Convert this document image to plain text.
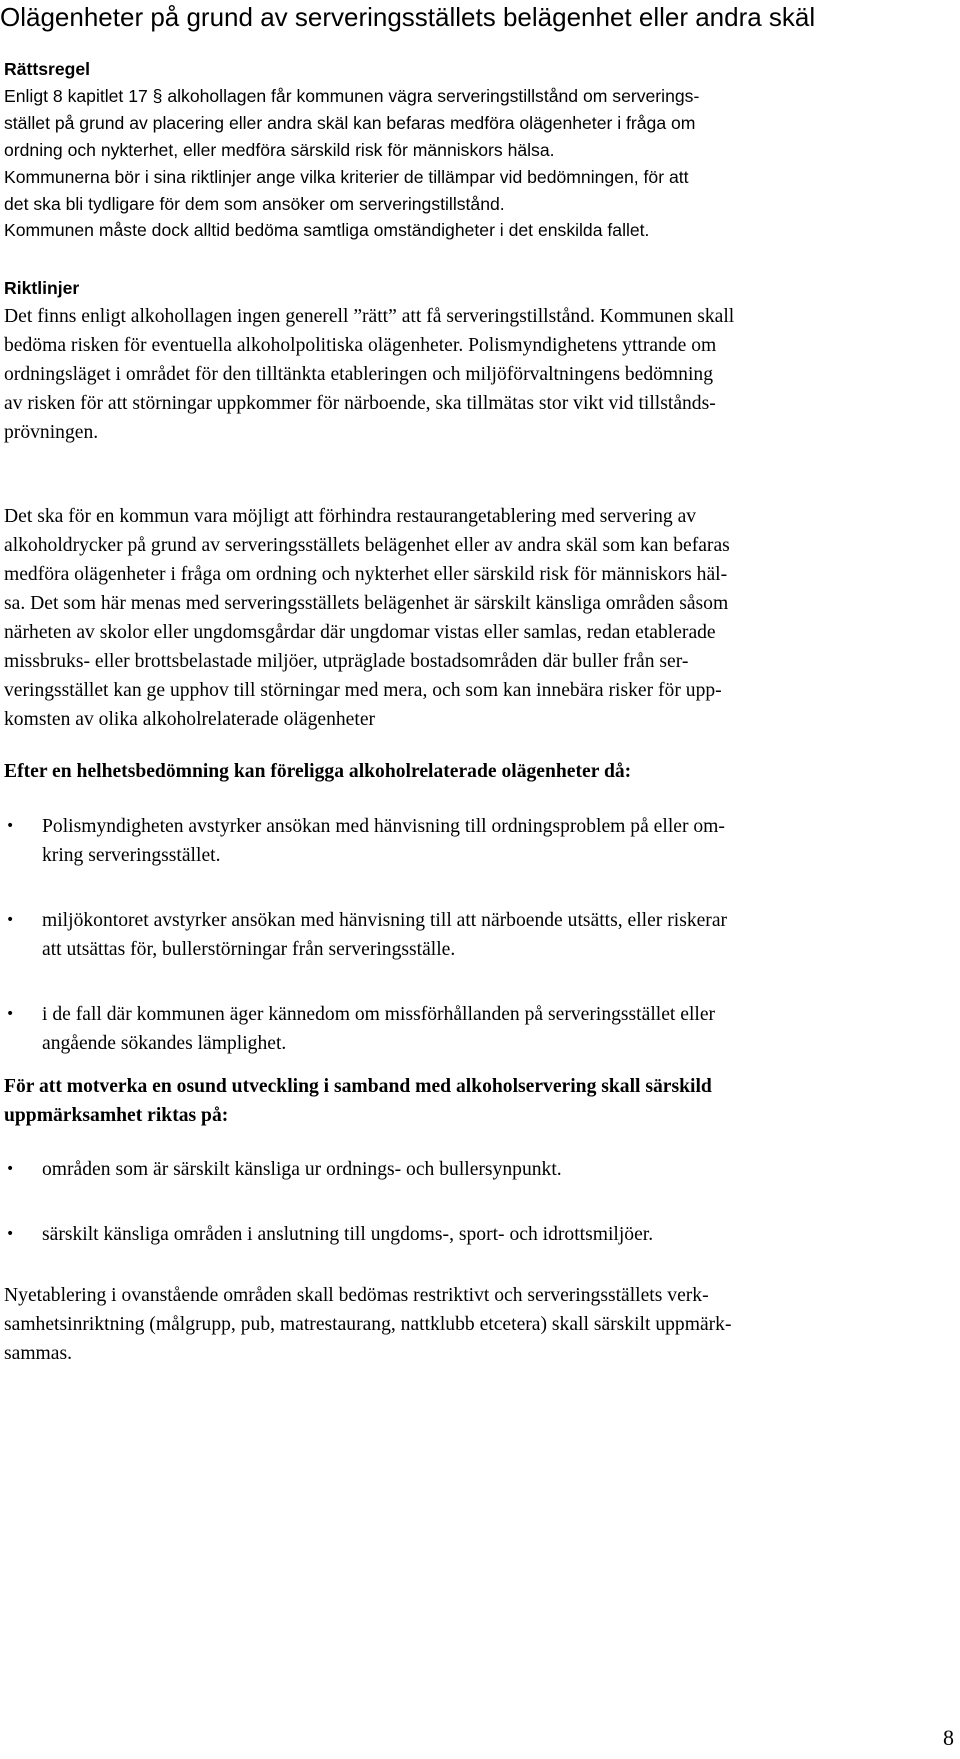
Olägenheter på grund av serveringsställets belägenhet eller andra skäl
Rättsregel
Enligt 8 kapitlet 17 § alkohollagen får kommunen vägra serveringstillstånd om serverings-
stället på grund av placering eller andra skäl kan befaras medföra olägenheter i fråga om
ordning och nykterhet, eller medföra särskild risk för människors hälsa.
Kommunerna bör i sina riktlinjer ange vilka kriterier de tillämpar vid bedömningen, för att
det ska bli tydligare för dem som ansöker om serveringstillstånd.
Kommunen måste dock alltid bedöma samtliga omständigheter i det enskilda fallet.
Riktlinjer
Det finns enligt alkohollagen ingen generell ”rätt” att få serveringstillstånd. Kommunen skall
bedöma risken för eventuella alkoholpolitiska olägenheter. Polismyndighetens yttrande om
ordningsläget i området för den tilltänkta etableringen och miljöförvaltningens bedömning
av risken för att störningar uppkommer för närboende, ska tillmätas stor vikt vid tillstånds-
prövningen.
Det ska för en kommun vara möjligt att förhindra restaurangetablering med servering av
alkoholdrycker på grund av serveringsställets belägenhet eller av andra skäl som kan befaras
medföra olägenheter i fråga om ordning och nykterhet eller särskild risk för människors häl-
sa. Det som här menas med serveringsställets belägenhet är särskilt känsliga områden såsom
närheten av skolor eller ungdomsgårdar där ungdomar vistas eller samlas, redan etablerade
missbruks- eller brottsbelastade miljöer, utpräglade bostadsområden där buller från ser-
veringsstället kan ge upphov till störningar med mera, och som kan innebära risker för upp-
komsten av olika alkoholrelaterade olägenheter
Efter en helhetsbedömning kan föreligga alkoholrelaterade olägenheter då:
• Polismyndigheten avstyrker ansökan med hänvisning till ordningsproblem på eller om-
kring serveringsstället.
• miljökontoret avstyrker ansökan med hänvisning till att närboende utsätts, eller riskerar
att utsättas för, bullerstörningar från serveringsställe.
• i de fall där kommunen äger kännedom om missförhållanden på serveringsstället eller
angående sökandes lämplighet.
För att motverka en osund utveckling i samband med alkoholservering skall särskild
uppmärksamhet riktas på:
• områden som är särskilt känsliga ur ordnings- och bullersynpunkt.
• särskilt känsliga områden i anslutning till ungdoms-, sport- och idrottsmiljöer.
Nyetablering i ovanstående områden skall bedömas restriktivt och serveringsställets verk-
samhetsinriktning (målgrupp, pub, matrestaurang, nattklubb etcetera) skall särskilt uppmärk-
sammas.
8
